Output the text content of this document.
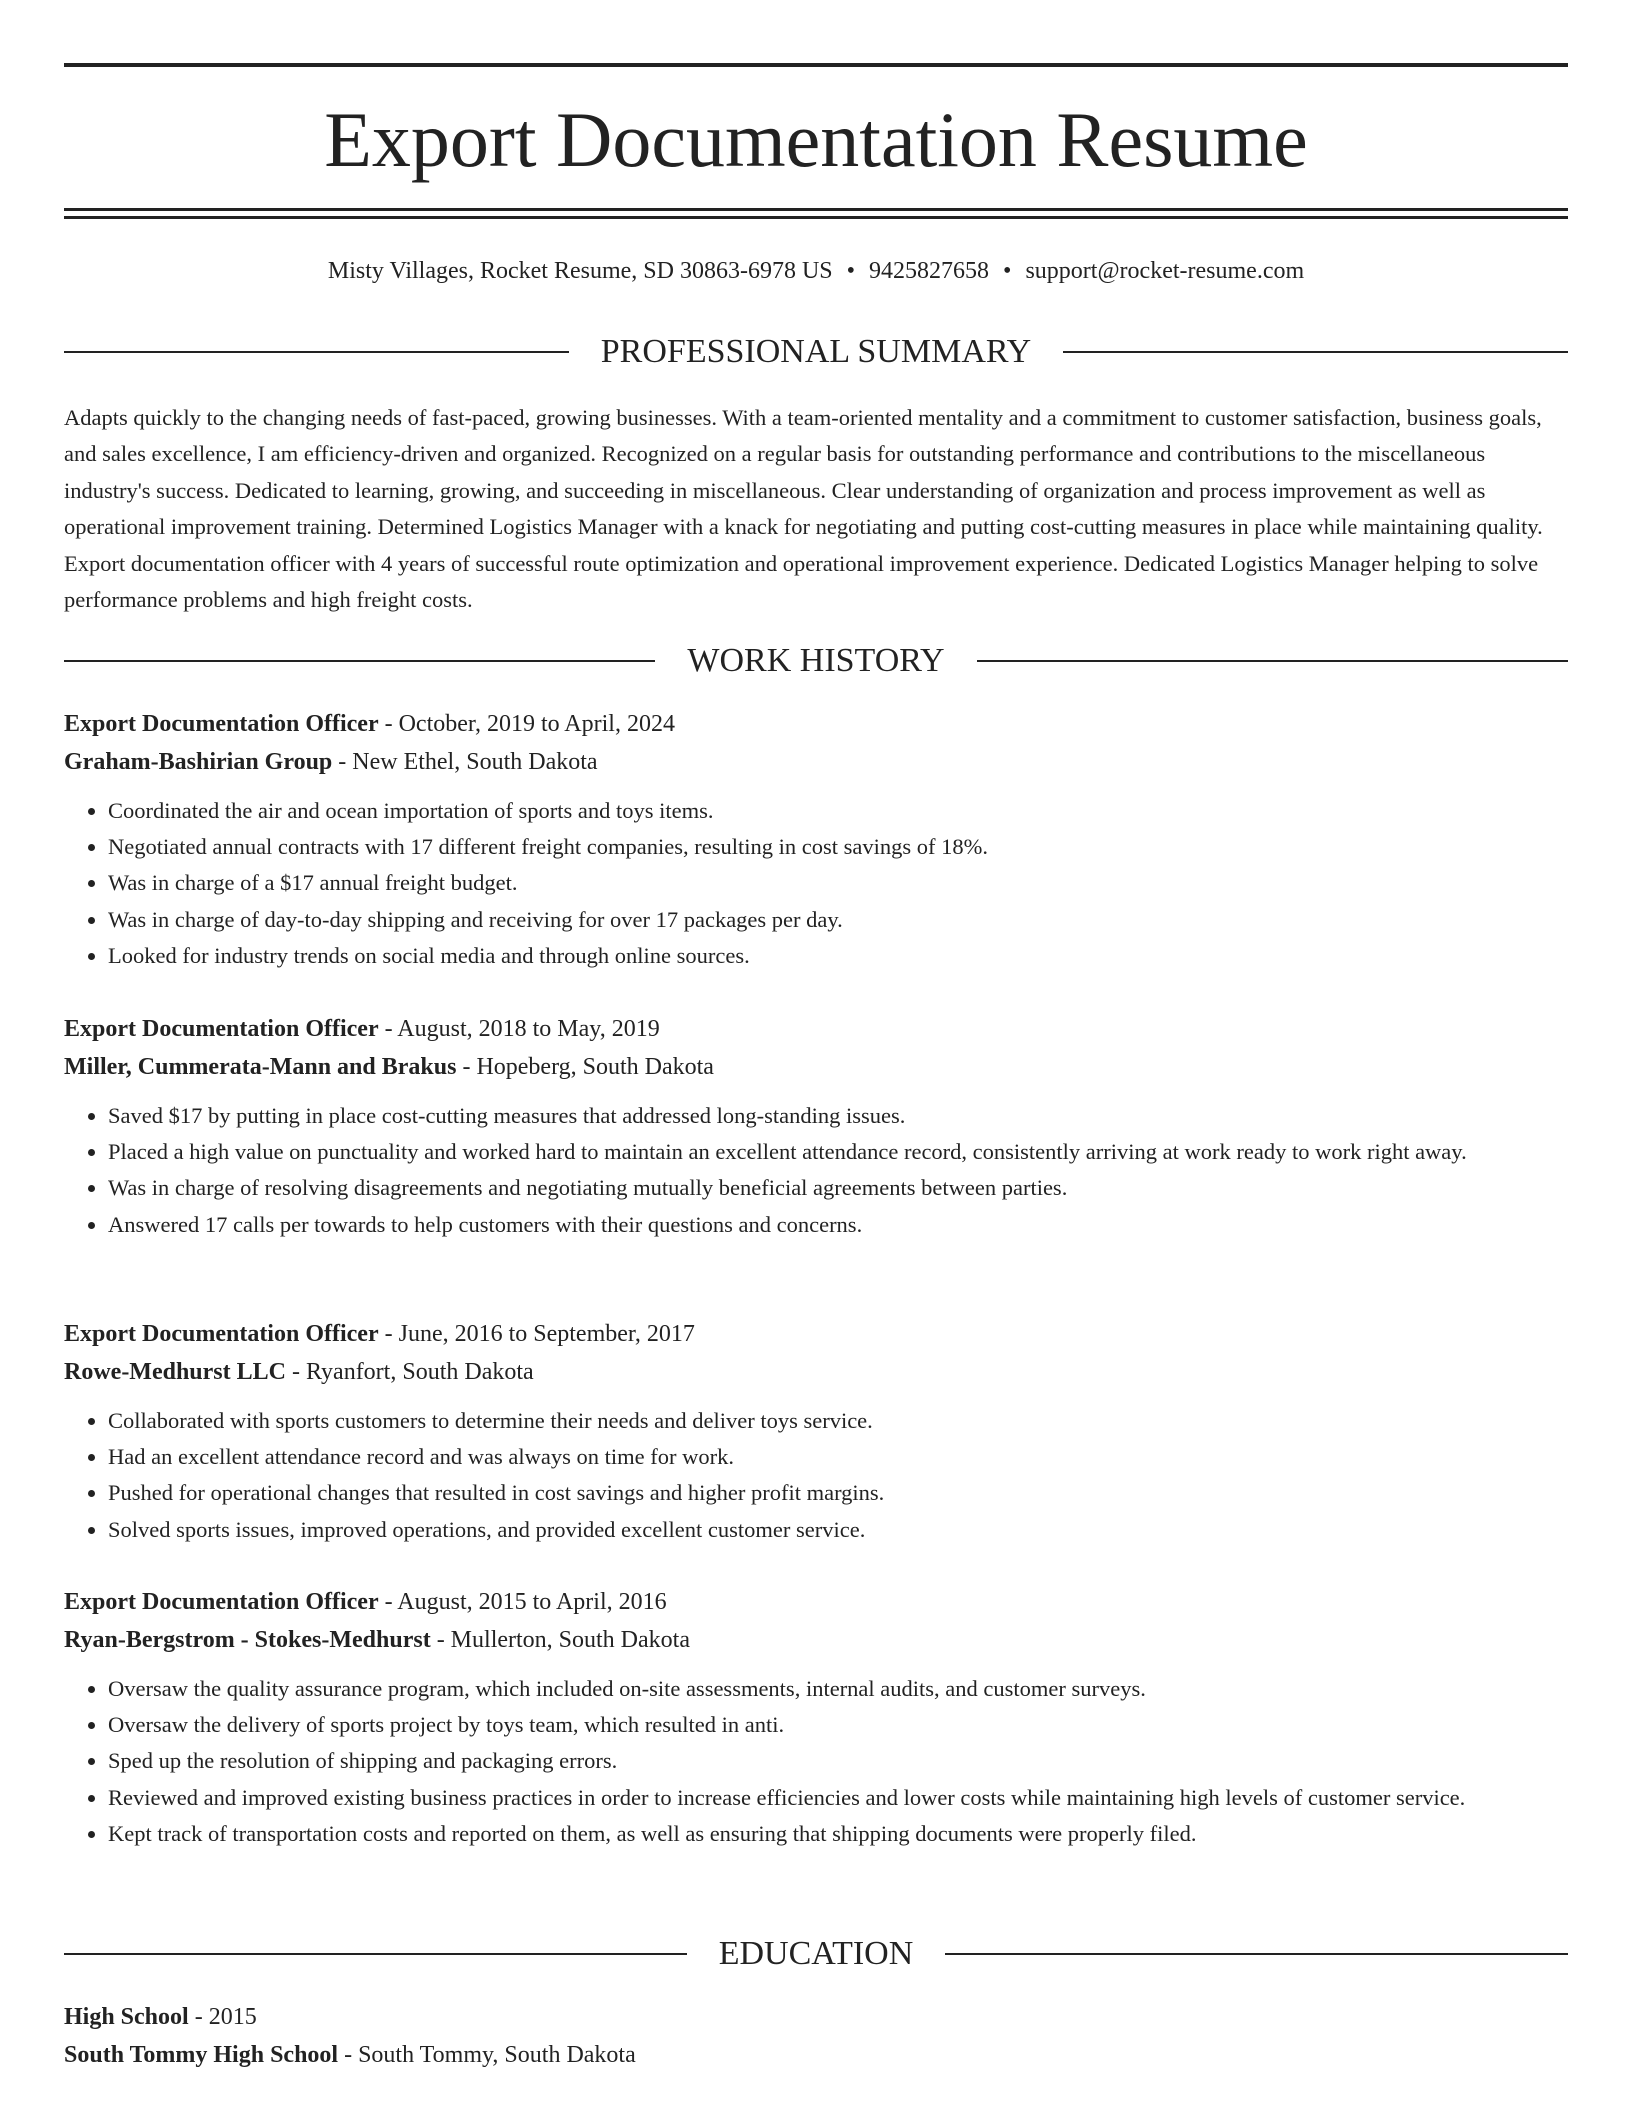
Export Documentation Resume
Misty Villages, Rocket Resume, SD 30863-6978 US • 9425827658 • support@rocket-resume.com
PROFESSIONAL SUMMARY

Adapts quickly to the changing needs of fast-paced, growing businesses. With a team-oriented mentality and a commitment to customer satisfaction, business goals, and sales excellence, I am efficiency-driven and organized. Recognized on a regular basis for outstanding performance and contributions to the miscellaneous industry's success. Dedicated to learning, growing, and succeeding in miscellaneous. Clear understanding of organization and process improvement as well as operational improvement training. Determined Logistics Manager with a knack for negotiating and putting cost-cutting measures in place while maintaining quality. Export documentation officer with 4 years of successful route optimization and operational improvement experience. Dedicated Logistics Manager helping to solve performance problems and high freight costs.

WORK HISTORY
Export Documentation Officer - October, 2019 to April, 2024
Graham-Bashirian Group - New Ethel, South Dakota
• Coordinated the air and ocean importation of sports and toys items.
• Negotiated annual contracts with 17 different freight companies, resulting in cost savings of 18%.
• Was in charge of a $17 annual freight budget.
• Was in charge of day-to-day shipping and receiving for over 17 packages per day.
• Looked for industry trends on social media and through online sources.
Export Documentation Officer - August, 2018 to May, 2019
Miller, Cummerata-Mann and Brakus - Hopeberg, South Dakota
• Saved $17 by putting in place cost-cutting measures that addressed long-standing issues.
• Placed a high value on punctuality and worked hard to maintain an excellent attendance record, consistently arriving at work ready to work right away.
• Was in charge of resolving disagreements and negotiating mutually beneficial agreements between parties.
• Answered 17 calls per towards to help customers with their questions and concerns.
Export Documentation Officer - June, 2016 to September, 2017
Rowe-Medhurst LLC - Ryanfort, South Dakota
• Collaborated with sports customers to determine their needs and deliver toys service.
• Had an excellent attendance record and was always on time for work.
• Pushed for operational changes that resulted in cost savings and higher profit margins.
• Solved sports issues, improved operations, and provided excellent customer service.
Export Documentation Officer - August, 2015 to April, 2016
Ryan-Bergstrom - Stokes-Medhurst - Mullerton, South Dakota
• Oversaw the quality assurance program, which included on-site assessments, internal audits, and customer surveys.
• Oversaw the delivery of sports project by toys team, which resulted in anti.
• Sped up the resolution of shipping and packaging errors.
• Reviewed and improved existing business practices in order to increase efficiencies and lower costs while maintaining high levels of customer service.
• Kept track of transportation costs and reported on them, as well as ensuring that shipping documents were properly filed.
EDUCATION
High School - 2015
South Tommy High School - South Tommy, South Dakota
